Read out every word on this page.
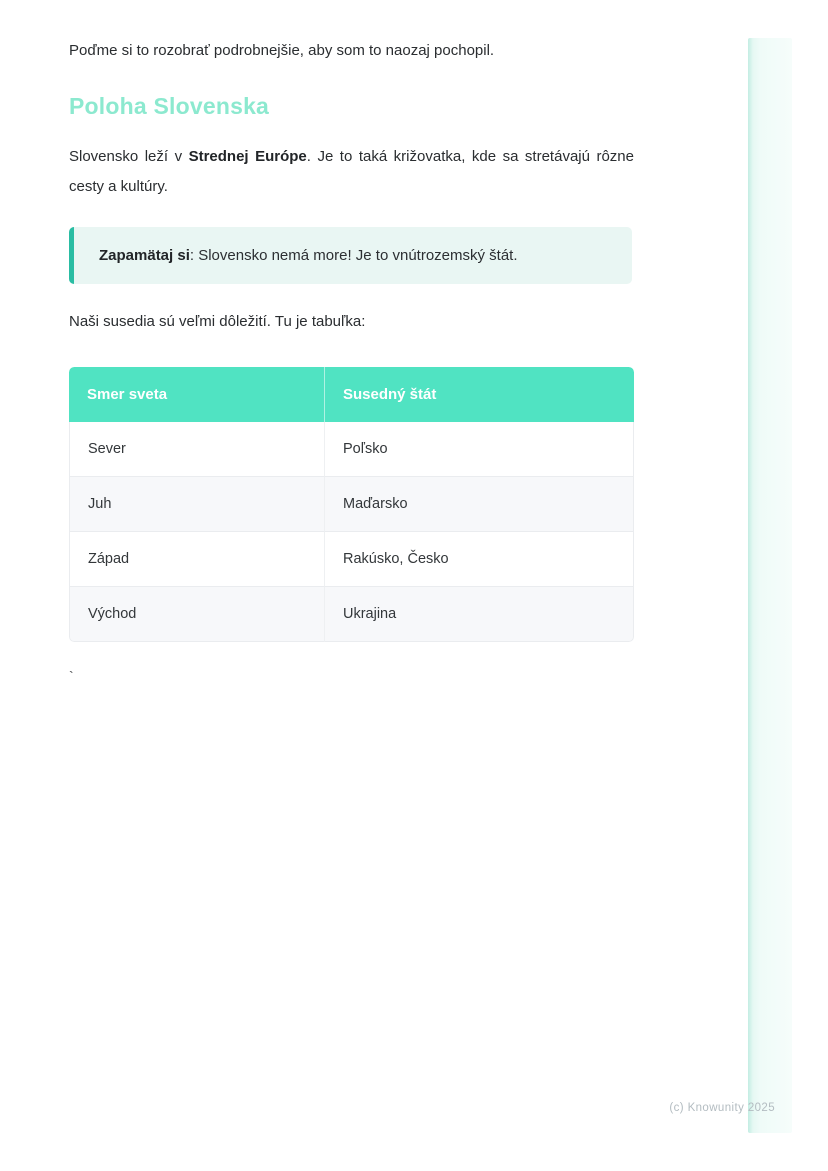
Poďme si to rozobrať podrobnejšie, aby som to naozaj pochopil.

Poloha Slovenska

Slovensko leží v Strednej Európe. Je to taká križovatka, kde sa stretávajú rôzne cesty a kultúry.

Zapamätaj si: Slovensko nemá more! Je to vnútrozemský štát.

Naši susedia sú veľmi dôležití. Tu je tabuľka:

Smer sveta	Susedný štát
Sever	Poľsko
Juh	Maďarsko
Západ	Rakúsko, Česko
Východ	Ukrajina

`

(c) Knowunity 2025
